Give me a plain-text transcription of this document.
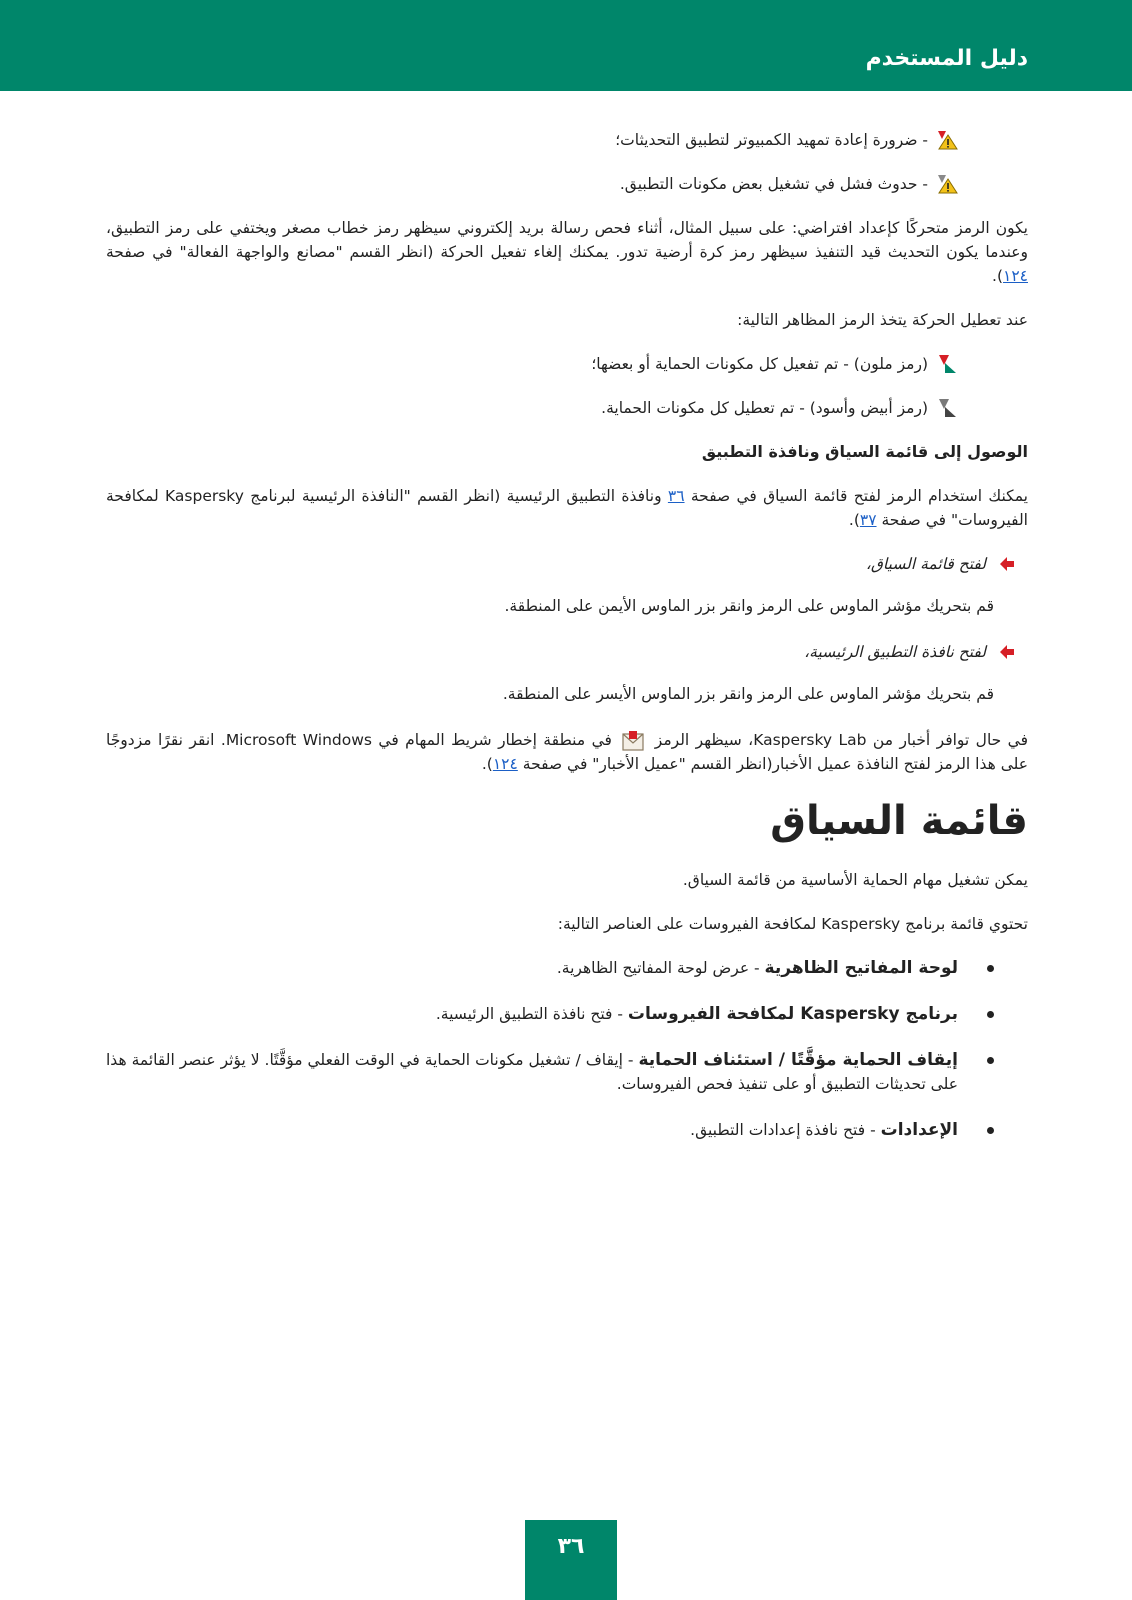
دليل المستخدم
- ضرورة إعادة تمهيد الكمبيوتر لتطبيق التحديثات؛
- حدوث فشل في تشغيل بعض مكونات التطبيق.

يكون الرمز متحركًا كإعداد افتراضي: على سبيل المثال، أثناء فحص رسالة بريد إلكتروني سيظهر رمز خطاب مصغر ويختفي على رمز التطبيق، وعندما يكون التحديث قيد التنفيذ سيظهر رمز كرة أرضية تدور. يمكنك إلغاء تفعيل الحركة (انظر القسم "مصانع والواجهة الفعالة" في صفحة ١٢٤).

عند تعطيل الحركة يتخذ الرمز المظاهر التالية:

(رمز ملون) - تم تفعيل كل مكونات الحماية أو بعضها؛
(رمز أبيض وأسود) - تم تعطيل كل مكونات الحماية.
الوصول إلى قائمة السياق ونافذة التطبيق

يمكنك استخدام الرمز لفتح قائمة السياق في صفحة ٣٦ ونافذة التطبيق الرئيسية (انظر القسم "النافذة الرئيسية لبرنامج Kaspersky لمكافحة الفيروسات" في صفحة ٣٧).

لفتح قائمة السياق،

قم بتحريك مؤشر الماوس على الرمز وانقر بزر الماوس الأيمن على المنطقة.

لفتح نافذة التطبيق الرئيسية،

قم بتحريك مؤشر الماوس على الرمز وانقر بزر الماوس الأيسر على المنطقة.

في حال توافر أخبار من Kaspersky Lab، سيظهر الرمز  في منطقة إخطار شريط المهام في Microsoft Windows. انقر نقرًا مزدوجًا على هذا الرمز لفتح النافذة عميل الأخبار(انظر القسم "عميل الأخبار" في صفحة ١٢٤).

قائمة السياق

يمكن تشغيل مهام الحماية الأساسية من قائمة السياق.

تحتوي قائمة برنامج Kaspersky لمكافحة الفيروسات على العناصر التالية:

لوحة المفاتيح الظاهرية - عرض لوحة المفاتيح الظاهرية.
برنامج Kaspersky لمكافحة الفيروسات - فتح نافذة التطبيق الرئيسية.
إيقاف الحماية مؤقَّتًا / استئناف الحماية - إيقاف / تشغيل مكونات الحماية في الوقت الفعلي مؤقَّتًا. لا يؤثر عنصر القائمة هذا على تحديثات التطبيق أو على تنفيذ فحص الفيروسات.
الإعدادات - فتح نافذة إعدادات التطبيق.
٣٦
